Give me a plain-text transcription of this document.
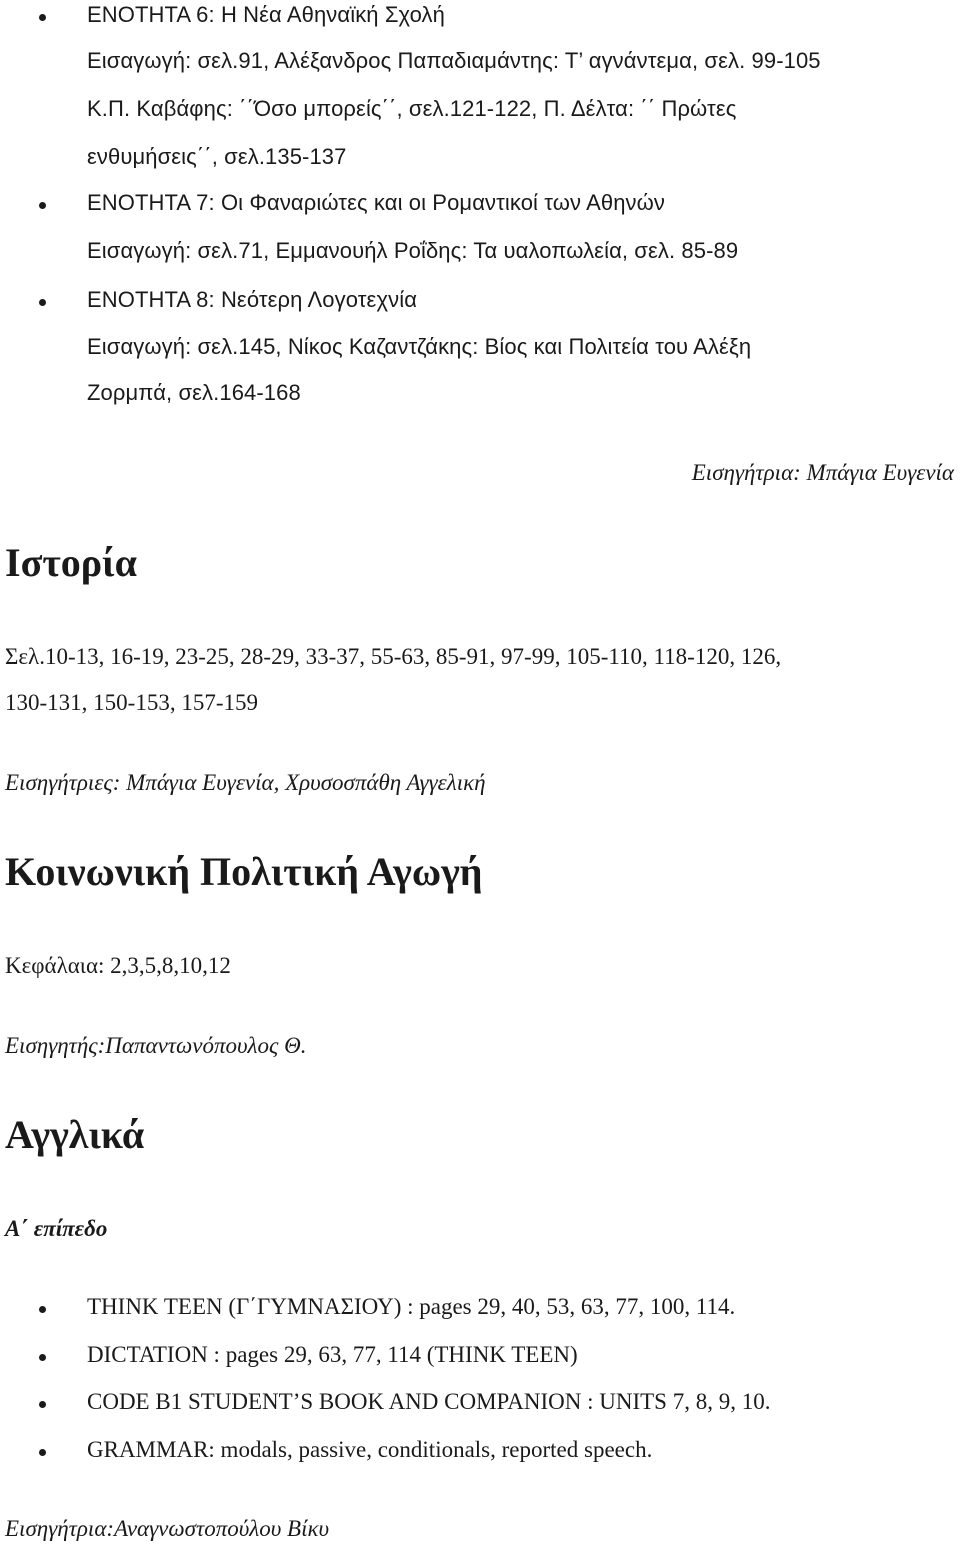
ΕΝΟΤΗΤΑ 6: Η Νέα Αθηναϊκή Σχολή
Εισαγωγή: σελ.91, Αλέξανδρος Παπαδιαμάντης: Τ’ αγνάντεμα, σελ. 99-105
Κ.Π. Καβάφης: ΄΄Όσο μπορείς΄΄, σελ.121-122, Π. Δέλτα: ΄΄ Πρώτες
ενθυμήσεις΄΄, σελ.135-137
ΕΝΟΤΗΤΑ 7: Οι Φαναριώτες και οι Ρομαντικοί των Αθηνών
Εισαγωγή: σελ.71, Εμμανουήλ Ροΐδης: Τα υαλοπωλεία, σελ. 85-89
ΕΝΟΤΗΤΑ 8: Νεότερη Λογοτεχνία
Εισαγωγή: σελ.145, Νίκος Καζαντζάκης: Βίος και Πολιτεία του Αλέξη
Ζορμπά, σελ.164-168
Εισηγήτρια: Μπάγια Ευγενία
Ιστορία
Σελ.10-13, 16-19, 23-25, 28-29, 33-37, 55-63, 85-91, 97-99, 105-110, 118-120, 126,
130-131, 150-153, 157-159
Εισηγήτριες: Μπάγια Ευγενία, Χρυσοσπάθη Αγγελική
Κοινωνική Πολιτική Αγωγή
Κεφάλαια: 2,3,5,8,10,12
Εισηγητής:Παπαντωνόπουλος Θ.
Αγγλικά
Α΄ επίπεδο
THINK TEEN (Γ΄ΓΥΜΝΑΣΙΟΥ) : pages 29, 40, 53, 63, 77, 100, 114.
DICTATION : pages 29, 63, 77, 114 (THINK TEEN)
CODE B1 STUDENT’S BOOK AND COMPANION : UNITS 7, 8, 9, 10.
GRAMMAR: modals, passive, conditionals, reported speech.
Εισηγήτρια:Αναγνωστοπούλου Βίκυ
